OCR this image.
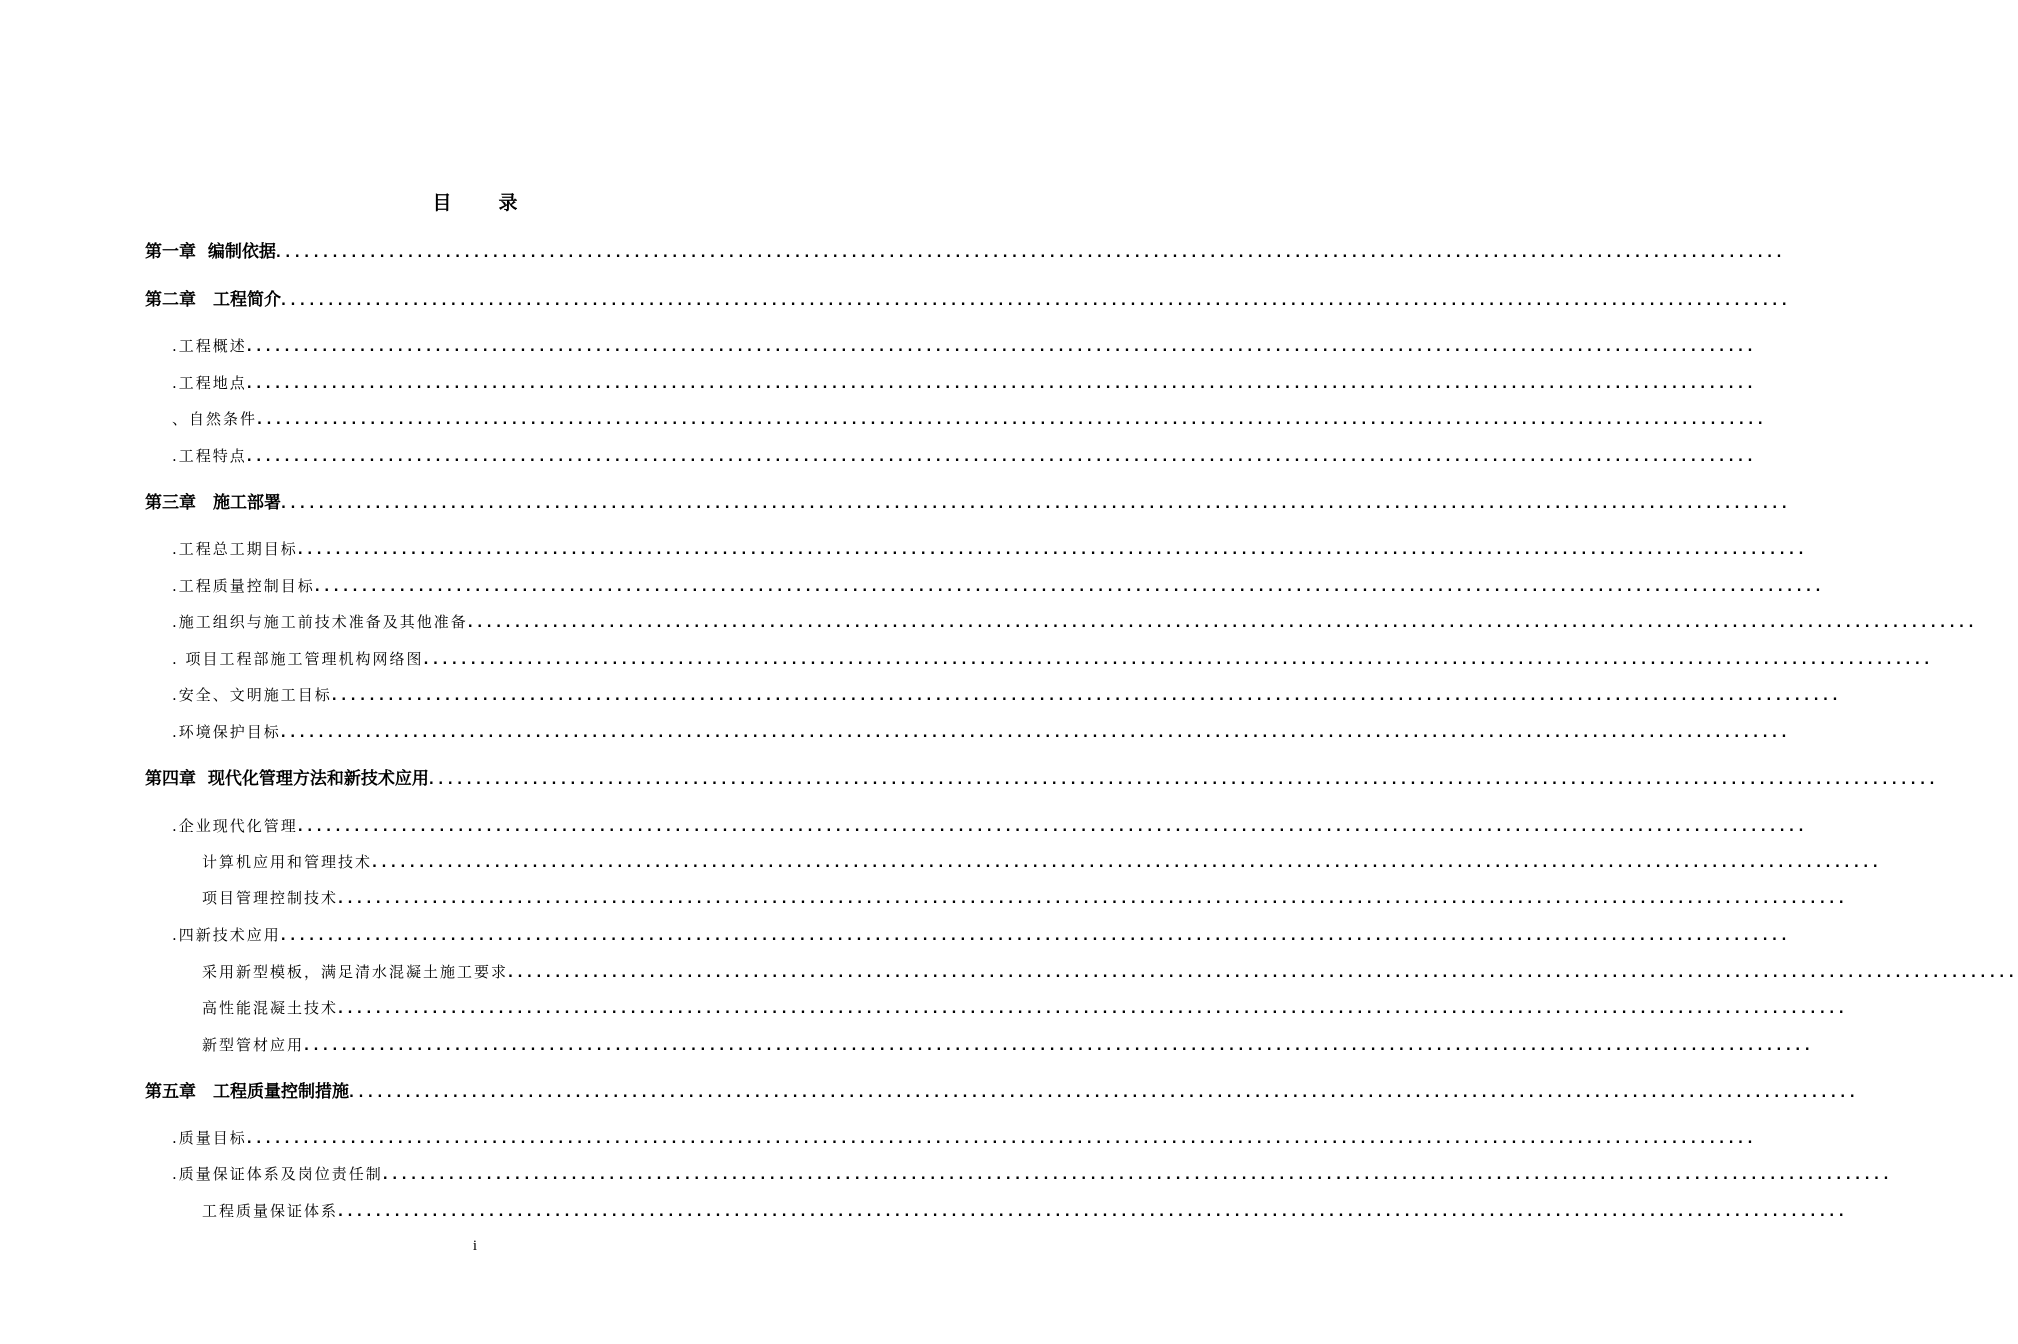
目　录
第一章  编制依据 ................................................................................................................................................................
第二章　工程简介 ................................................................................................................................................................
.工程概述 ................................................................................................................................................................
.工程地点 ................................................................................................................................................................
、自然条件 ................................................................................................................................................................
.工程特点 ................................................................................................................................................................
第三章　施工部署 ................................................................................................................................................................
.工程总工期目标 ................................................................................................................................................................
.工程质量控制目标 ................................................................................................................................................................
.施工组织与施工前技术准备及其他准备 ................................................................................................................................................................
. 项目工程部施工管理机构网络图 ................................................................................................................................................................
.安全、文明施工目标 ................................................................................................................................................................
.环境保护目标 ................................................................................................................................................................
第四章  现代化管理方法和新技术应用 ................................................................................................................................................................
.企业现代化管理 ................................................................................................................................................................
计算机应用和管理技术 ................................................................................................................................................................
项目管理控制技术 ................................................................................................................................................................
.四新技术应用 ................................................................................................................................................................
采用新型模板，满足清水混凝土施工要求 ................................................................................................................................................................
高性能混凝土技术 ................................................................................................................................................................
新型管材应用 ................................................................................................................................................................
第五章　工程质量控制措施 ................................................................................................................................................................
.质量目标 ................................................................................................................................................................
.质量保证体系及岗位责任制 ................................................................................................................................................................
工程质量保证体系 ................................................................................................................................................................
i
